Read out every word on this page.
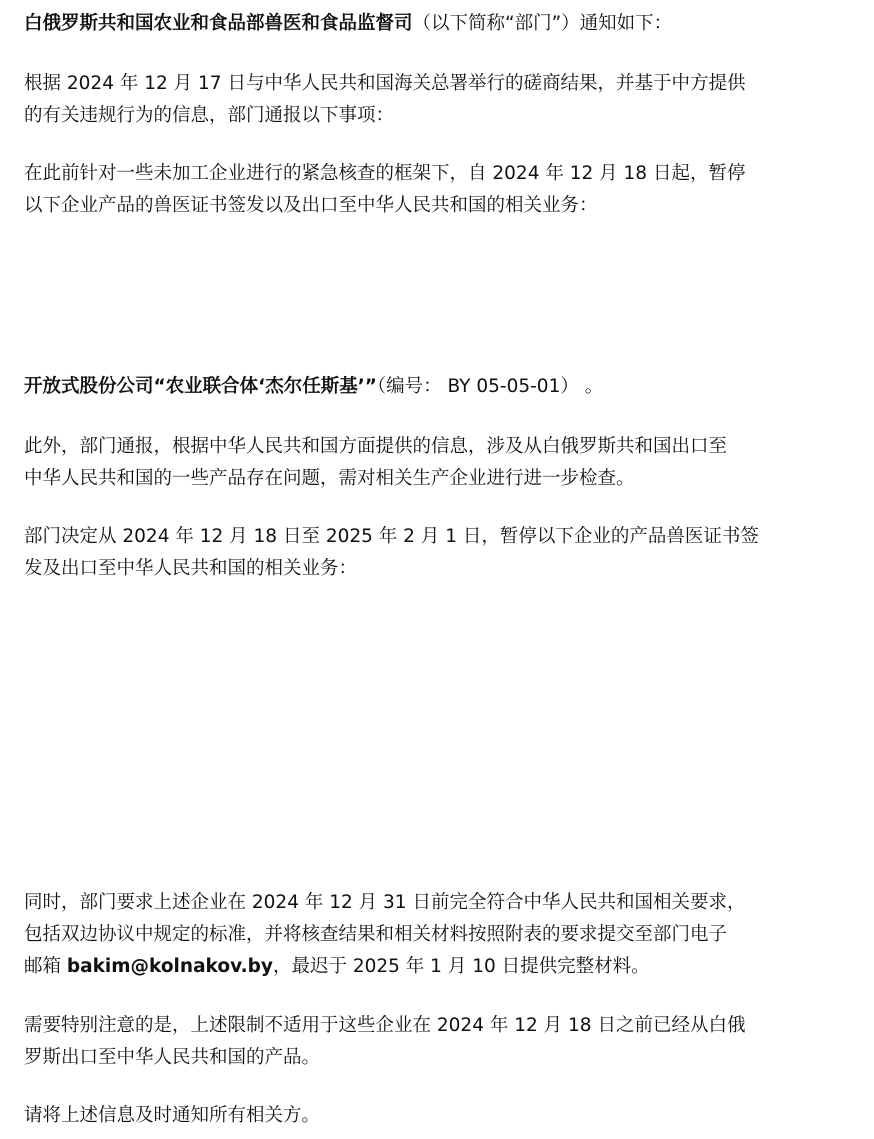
白俄罗斯共和国农业和食品部兽医和食品监督司（以下简称“部门”）通知如下：
根据 2024 年 12 月 17 日与中华人民共和国海关总署举行的磋商结果，并基于中方提供
的有关违规行为的信息，部门通报以下事项：
在此前针对一些未加工企业进行的紧急核查的框架下，自 2024 年 12 月 18 日起，暂停
以下企业产品的兽医证书签发以及出口至中华人民共和国的相关业务：
开放式股份公司“农业联合体‘杰尔任斯基’”（编号： BY 05-05-01） 。
此外，部门通报，根据中华人民共和国方面提供的信息，涉及从白俄罗斯共和国出口至
中华人民共和国的一些产品存在问题，需对相关生产企业进行进一步检查。
部门决定从 2024 年 12 月 18 日至 2025 年 2 月 1 日，暂停以下企业的产品兽医证书签
发及出口至中华人民共和国的相关业务：
同时，部门要求上述企业在 2024 年 12 月 31 日前完全符合中华人民共和国相关要求，
包括双边协议中规定的标准，并将核查结果和相关材料按照附表的要求提交至部门电子
邮箱 bakim@kolnakov.by，最迟于 2025 年 1 月 10 日提供完整材料。
需要特别注意的是，上述限制不适用于这些企业在 2024 年 12 月 18 日之前已经从白俄
罗斯出口至中华人民共和国的产品。
请将上述信息及时通知所有相关方。
